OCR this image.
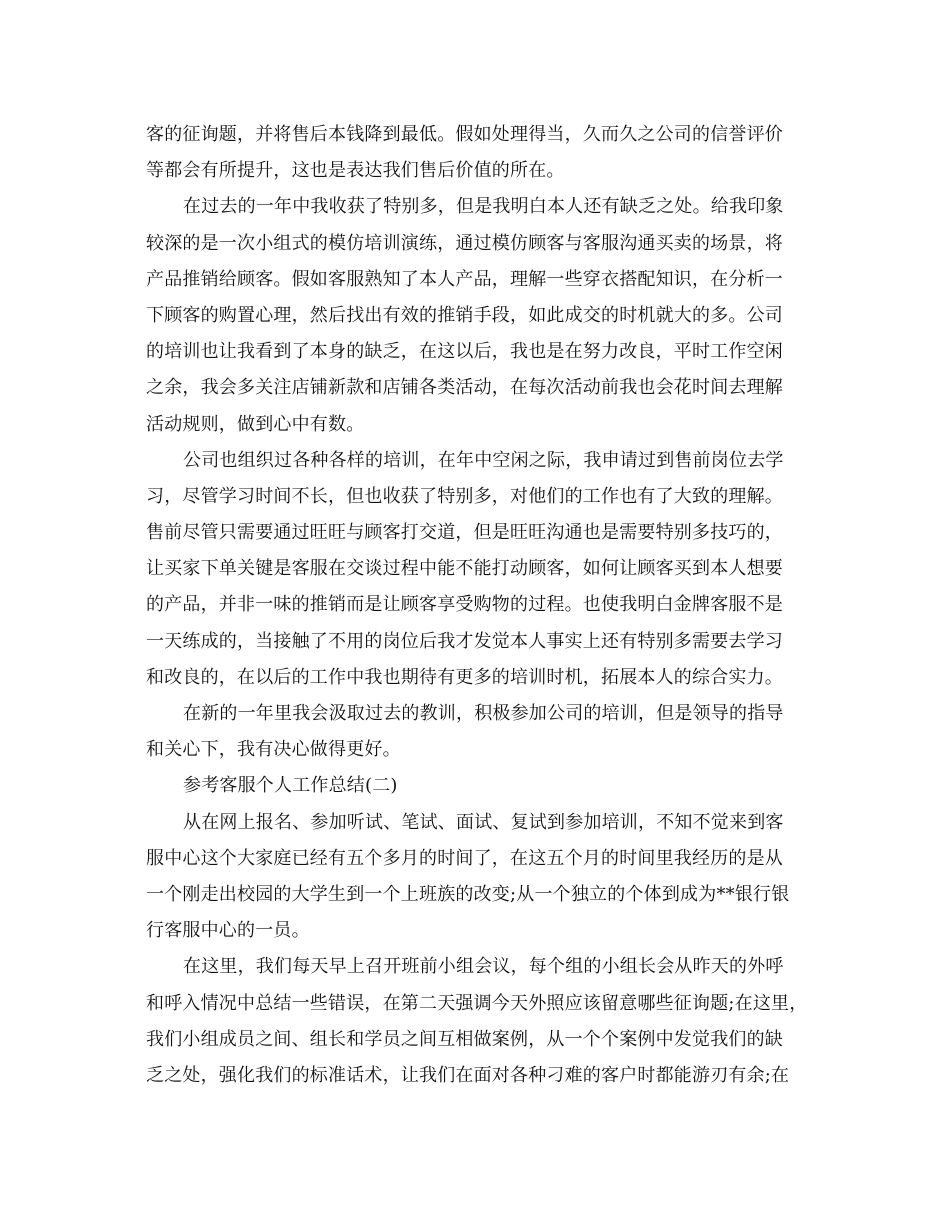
客的征询题，并将售后本钱降到最低。假如处理得当，久而久之公司的信誉评价
等都会有所提升，这也是表达我们售后价值的所在。
在过去的一年中我收获了特别多，但是我明白本人还有缺乏之处。给我印象
较深的是一次小组式的模仿培训演练，通过模仿顾客与客服沟通买卖的场景，将
产品推销给顾客。假如客服熟知了本人产品，理解一些穿衣搭配知识，在分析一
下顾客的购置心理，然后找出有效的推销手段，如此成交的时机就大的多。公司
的培训也让我看到了本身的缺乏，在这以后，我也是在努力改良，平时工作空闲
之余，我会多关注店铺新款和店铺各类活动，在每次活动前我也会花时间去理解
活动规则，做到心中有数。
公司也组织过各种各样的培训，在年中空闲之际，我申请过到售前岗位去学
习，尽管学习时间不长，但也收获了特别多，对他们的工作也有了大致的理解。
售前尽管只需要通过旺旺与顾客打交道，但是旺旺沟通也是需要特别多技巧的，
让买家下单关键是客服在交谈过程中能不能打动顾客，如何让顾客买到本人想要
的产品，并非一味的推销而是让顾客享受购物的过程。也使我明白金牌客服不是
一天练成的，当接触了不用的岗位后我才发觉本人事实上还有特别多需要去学习
和改良的，在以后的工作中我也期待有更多的培训时机，拓展本人的综合实力。
在新的一年里我会汲取过去的教训，积极参加公司的培训，但是领导的指导
和关心下，我有决心做得更好。
参考客服个人工作总结(二)
从在网上报名、参加听试、笔试、面试、复试到参加培训，不知不觉来到客
服中心这个大家庭已经有五个多月的时间了，在这五个月的时间里我经历的是从
一个刚走出校园的大学生到一个上班族的改变;从一个独立的个体到成为**银行银
行客服中心的一员。
在这里，我们每天早上召开班前小组会议，每个组的小组长会从昨天的外呼
和呼入情况中总结一些错误，在第二天强调今天外照应该留意哪些征询题;在这里，
我们小组成员之间、组长和学员之间互相做案例，从一个个案例中发觉我们的缺
乏之处，强化我们的标准话术，让我们在面对各种刁难的客户时都能游刃有余;在
